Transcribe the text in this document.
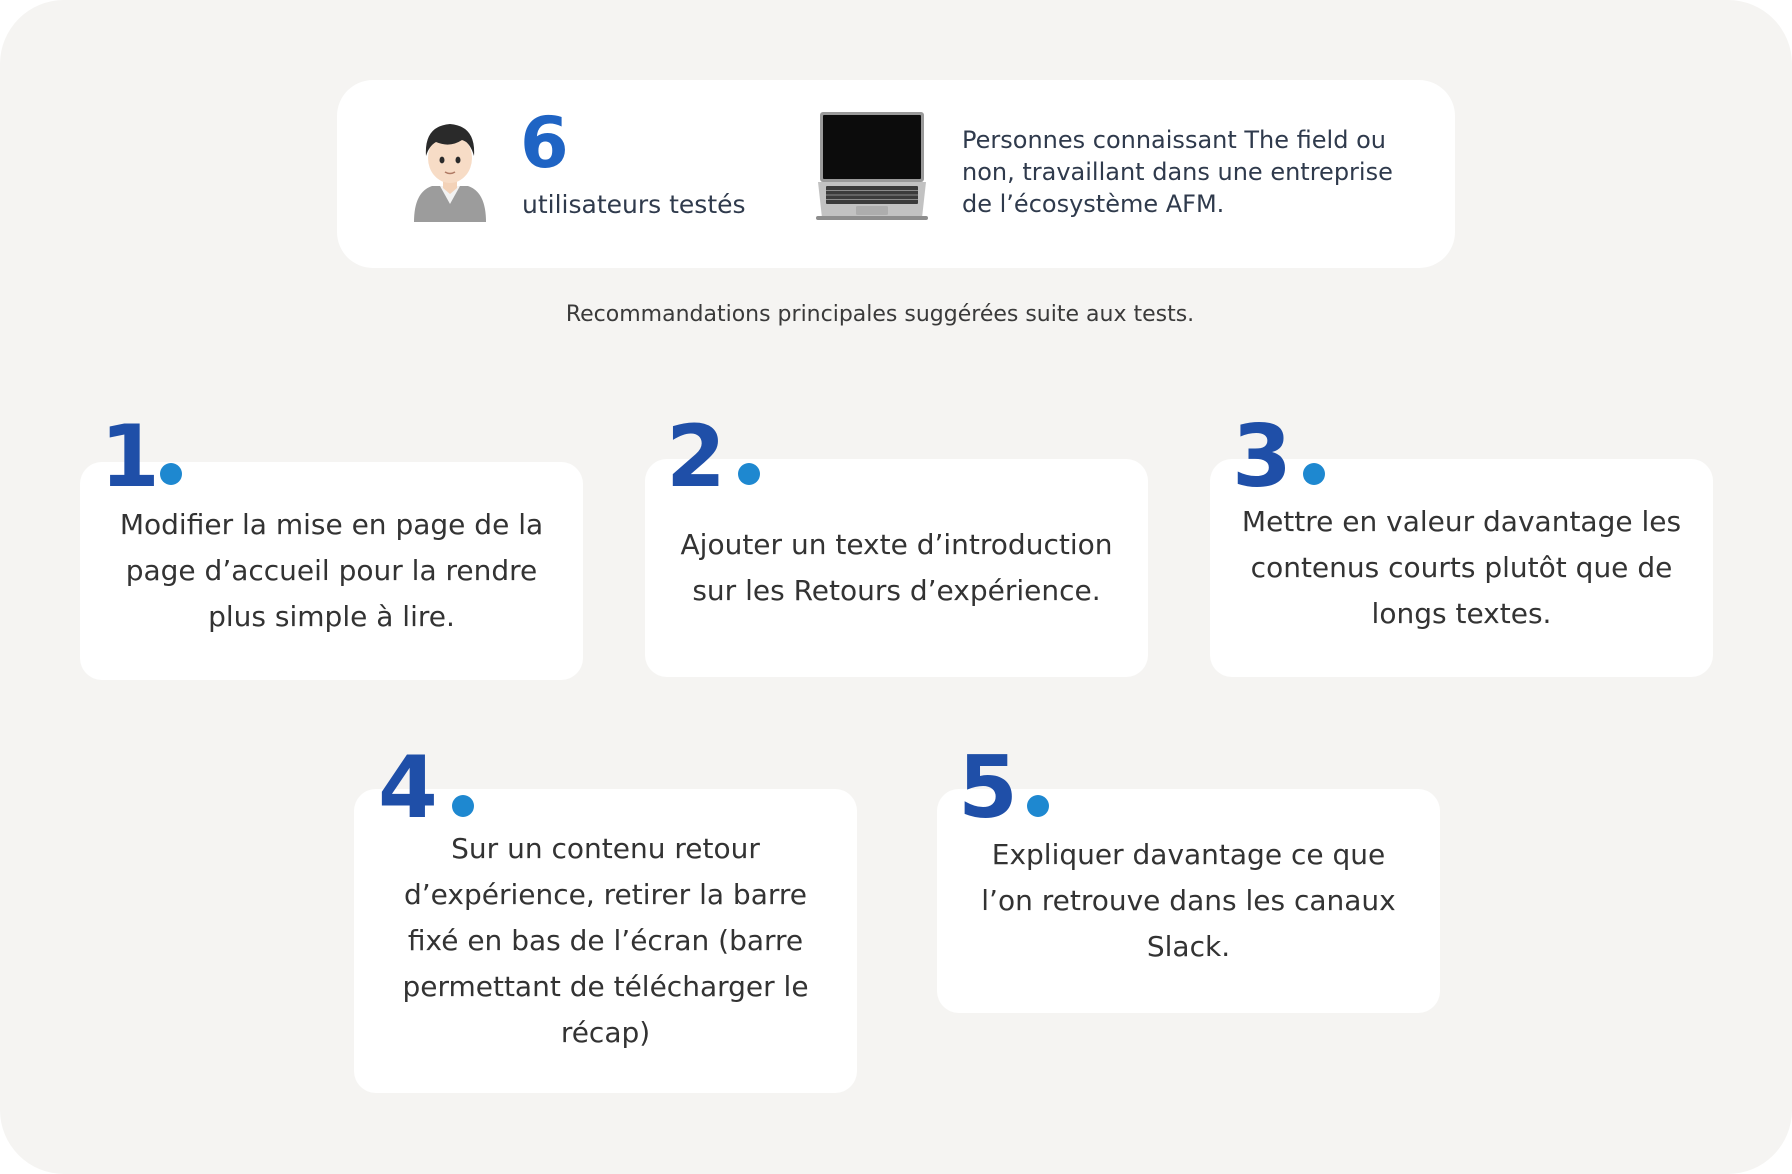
6
utilisateurs testés
Personnes connaissant The field ou non, travaillant dans une entreprise de l’écosystème AFM.
Recommandations principales suggérées suite aux tests.
Modifier la mise en page de la page d’accueil pour la rendre plus simple à lire.
1
Ajouter un texte d’introduction sur les Retours d’expérience.
2
Mettre en valeur davantage les contenus courts plutôt que de longs textes.
3
Sur un contenu retour d’expérience, retirer la barre fixé en bas de l’écran (barre permettant de télécharger le récap)
4
Expliquer davantage ce que l’on retrouve dans les canaux Slack.
5
